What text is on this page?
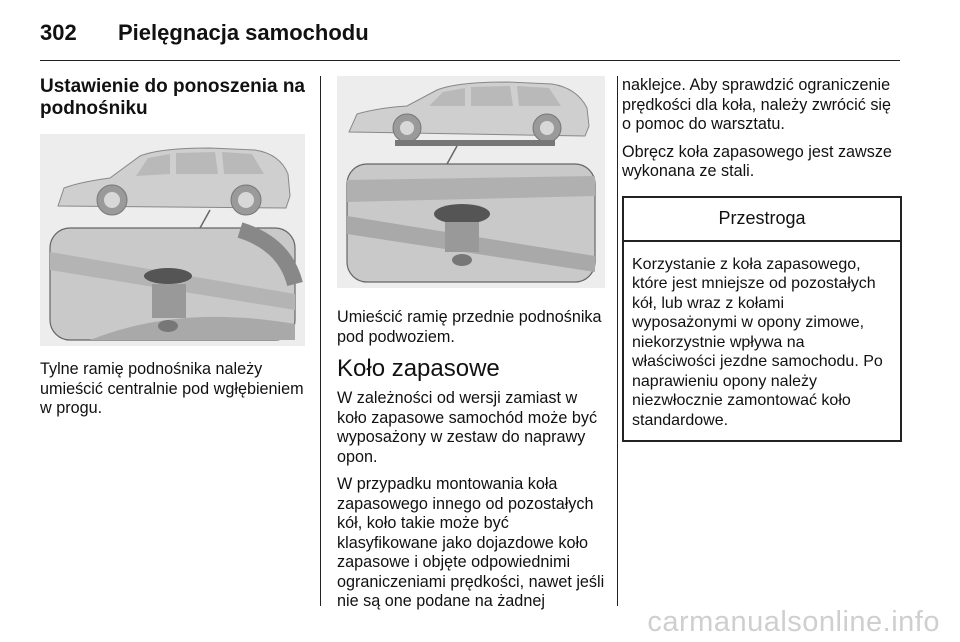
302 Pielęgnacja samochodu
Ustawienie do ponoszenia na podnośniku

Tylne ramię podnośnika należy umieścić centralnie pod wgłębieniem w progu.

Umieścić ramię przednie podnośnika pod podwoziem.

Koło zapasowe

W zależności od wersji zamiast w koło zapasowe samochód może być wyposażony w zestaw do naprawy opon.

W przypadku montowania koła zapasowego innego od pozostałych kół, koło takie może być klasyfikowane jako dojazdowe koło zapasowe i objęte odpowiednimi ograniczeniami prędkości, nawet jeśli nie są one podane na żadnej

naklejce. Aby sprawdzić ograniczenie prędkości dla koła, należy zwrócić się o pomoc do warsztatu.

Obręcz koła zapasowego jest zawsze wykonana ze stali.

Przestroga
Korzystanie z koła zapasowego, które jest mniejsze od pozostałych kół, lub wraz z kołami wyposażonymi w opony zimowe, niekorzystnie wpływa na właściwości jezdne samochodu. Po naprawieniu opony należy niezwłocznie zamontować koło standardowe.
carmanualsonline.info
